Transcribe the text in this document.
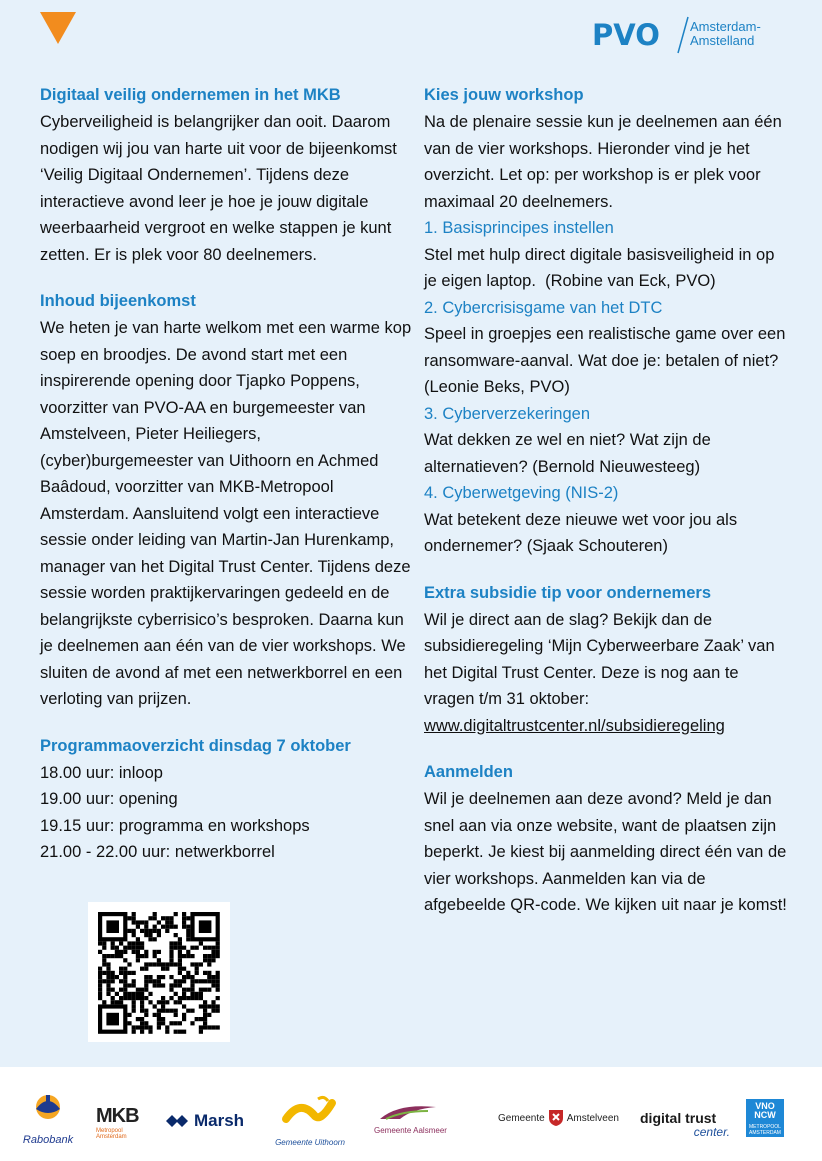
PVO Amsterdam-
Amstelland
Digitaal veilig ondernemen in het MKB
Cyberveiligheid is belangrijker dan ooit. Daarom
nodigen wij jou van harte uit voor de bijeenkomst
‘Veilig Digitaal Ondernemen’. Tijdens deze
interactieve avond leer je hoe je jouw digitale
weerbaarheid vergroot en welke stappen je kunt
zetten. Er is plek voor 80 deelnemers.
Inhoud bijeenkomst
We heten je van harte welkom met een warme kop
soep en broodjes. De avond start met een
inspirerende opening door Tjapko Poppens,
voorzitter van PVO-AA en burgemeester van
Amstelveen, Pieter Heiliegers,
(cyber)burgemeester van Uithoorn en Achmed
Baâdoud, voorzitter van MKB-Metropool
Amsterdam. Aansluitend volgt een interactieve
sessie onder leiding van Martin-Jan Hurenkamp,
manager van het Digital Trust Center. Tijdens deze
sessie worden praktijkervaringen gedeeld en de
belangrijkste cyberrisico’s besproken. Daarna kun
je deelnemen aan één van de vier workshops. We
sluiten de avond af met een netwerkborrel en een
verloting van prijzen.
Programmaoverzicht dinsdag 7 oktober
18.00 uur: inloop
19.00 uur: opening
19.15 uur: programma en workshops
21.00 - 22.00 uur: netwerkborrel
Kies jouw workshop
Na de plenaire sessie kun je deelnemen aan één
van de vier workshops. Hieronder vind je het
overzicht. Let op: per workshop is er plek voor
maximaal 20 deelnemers.
1. Basisprincipes instellen
Stel met hulp direct digitale basisveiligheid in op
je eigen laptop.  (Robine van Eck, PVO)
2. Cybercrisisgame van het DTC
Speel in groepjes een realistische game over een
ransomware-aanval. Wat doe je: betalen of niet?
(Leonie Beks, PVO)
3. Cyberverzekeringen
Wat dekken ze wel en niet? Wat zijn de
alternatieven? (Bernold Nieuwesteeg)
4. Cyberwetgeving (NIS-2)
Wat betekent deze nieuwe wet voor jou als
ondernemer? (Sjaak Schouteren)
Extra subsidie tip voor ondernemers
Wil je direct aan de slag? Bekijk dan de
subsidieregeling ‘Mijn Cyberweerbare Zaak’ van
het Digital Trust Center. Deze is nog aan te
vragen t/m 31 oktober:
www.digitaltrustcenter.nl/subsidieregeling
Aanmelden
Wil je deelnemen aan deze avond? Meld je dan
snel aan via onze website, want de plaatsen zijn
beperkt. Je kiest bij aanmelding direct één van de
vier workshops. Aanmelden kan via de
afgebeelde QR-code. We kijken uit naar je komst!
Rabobank
MKB
Metropool
Amsterdam
Marsh
Gemeente Uithoorn
Gemeente Aalsmeer
Gemeente Amstelveen digital trust
center.
VNO
NCW
METROPOOL
AMSTERDAM
